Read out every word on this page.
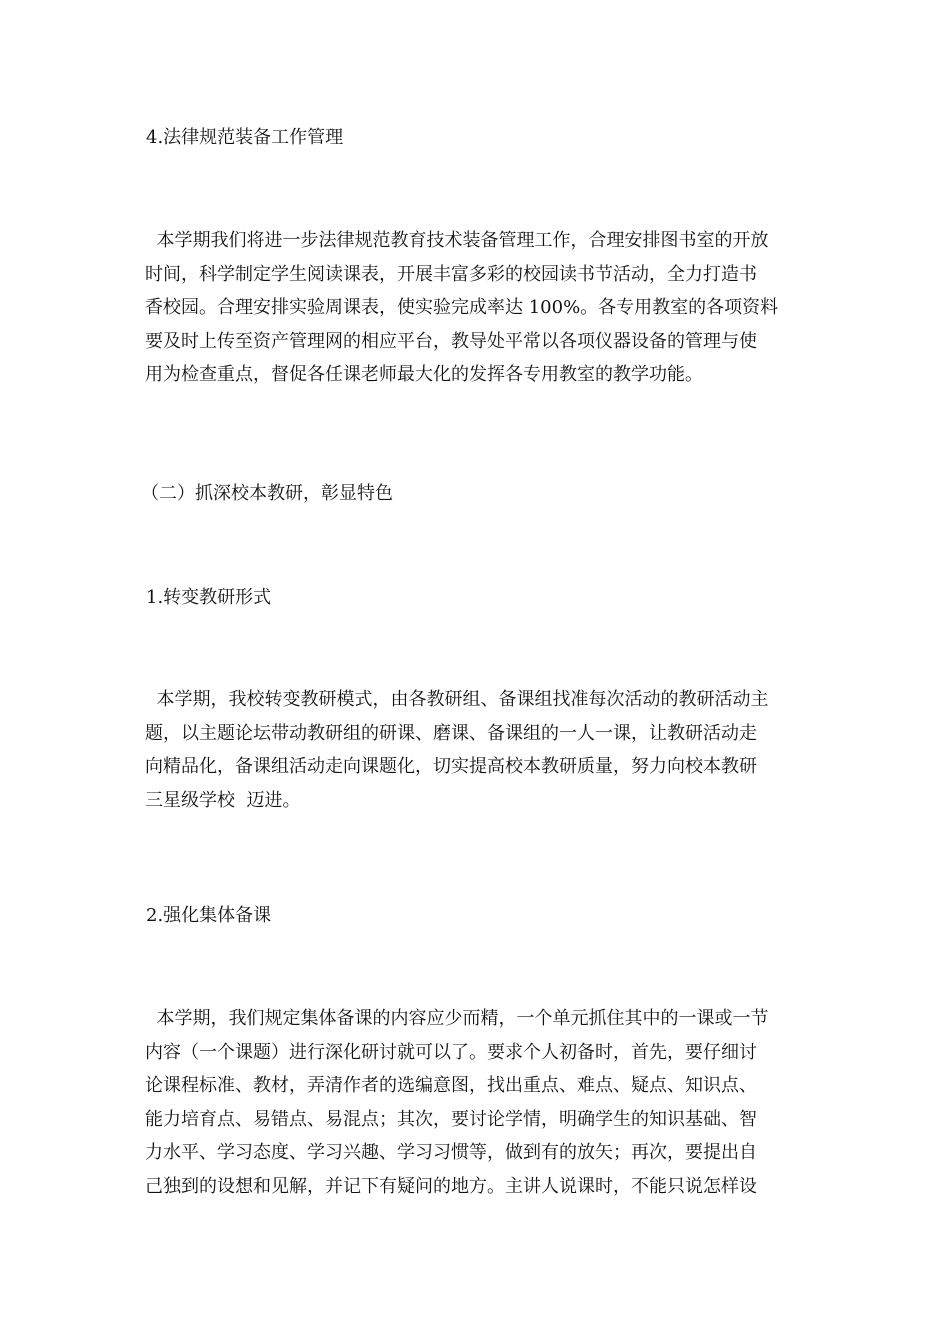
4.法律规范装备工作管理

本学期我们将进一步法律规范教育技术装备管理工作，合理安排图书室的开放
时间，科学制定学生阅读课表，开展丰富多彩的校园读书节活动，全力打造书
香校园。合理安排实验周课表，使实验完成率达 100%。各专用教室的各项资料
要及时上传至资产管理网的相应平台，教导处平常以各项仪器设备的管理与使
用为检查重点，督促各任课老师最大化的发挥各专用教室的教学功能。

（二）抓深校本教研，彰显特色

1.转变教研形式

本学期，我校转变教研模式，由各教研组、备课组找准每次活动的教研活动主
题，以主题论坛带动教研组的研课、磨课、备课组的一人一课，让教研活动走
向精品化，备课组活动走向课题化，切实提高校本教研质量，努力向校本教研
三星级学校  迈进。

2.强化集体备课

本学期，我们规定集体备课的内容应少而精，一个单元抓住其中的一课或一节
内容（一个课题）进行深化研讨就可以了。要求个人初备时，首先，要仔细讨
论课程标准、教材，弄清作者的选编意图，找出重点、难点、疑点、知识点、
能力培育点、易错点、易混点；其次，要讨论学情，明确学生的知识基础、智
力水平、学习态度、学习兴趣、学习习惯等，做到有的放矢；再次，要提出自
己独到的设想和见解，并记下有疑问的地方。主讲人说课时，不能只说怎样设
